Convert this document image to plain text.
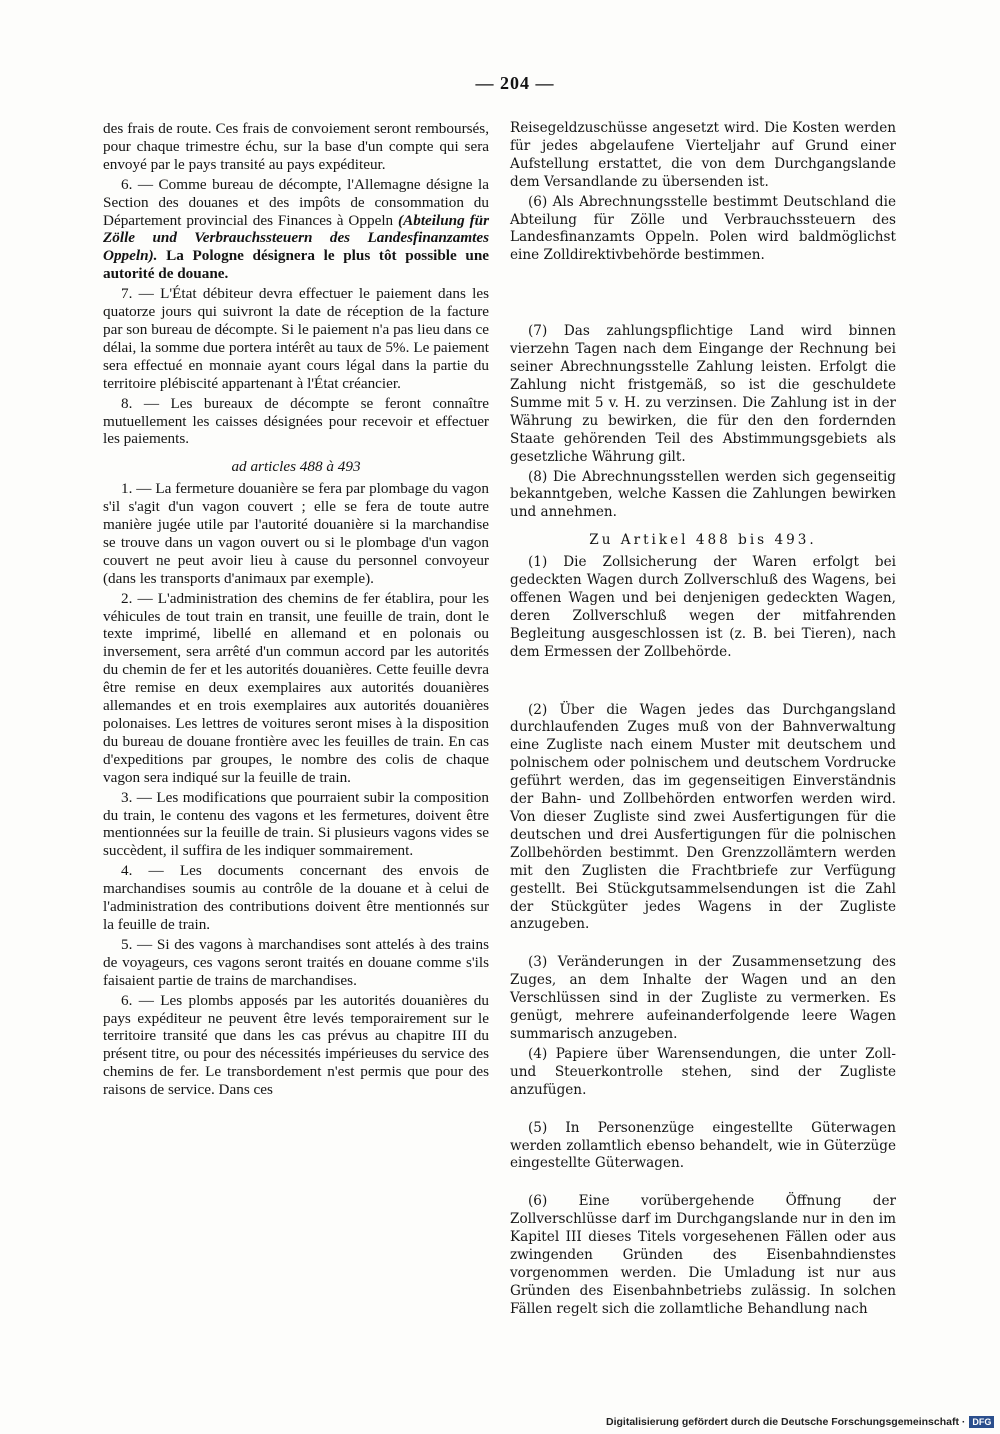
— 204 —

des frais de route. Ces frais de convoiement seront remboursés, pour chaque trimestre échu, sur la base d'un compte qui sera envoyé par le pays transité au pays expéditeur.

6. — Comme bureau de décompte, l'Allemagne désigne la Section des douanes et des impôts de consommation du Département provincial des Finances à Oppeln (Abteilung für Zölle und Verbrauchssteuern des Landesfinanzamtes Oppeln). La Pologne désignera le plus tôt possible une autorité de douane.

7. — L'État débiteur devra effectuer le paiement dans les quatorze jours qui suivront la date de réception de la facture par son bureau de décompte. Si le paiement n'a pas lieu dans ce délai, la somme due portera intérêt au taux de 5%. Le paiement sera effectué en monnaie ayant cours légal dans la partie du territoire plébiscité appartenant à l'État créancier.

8. — Les bureaux de décompte se feront connaître mutuellement les caisses désignées pour recevoir et effectuer les paiements.

ad articles 488 à 493

1. — La fermeture douanière se fera par plombage du vagon s'il s'agit d'un vagon couvert ; elle se fera de toute autre manière jugée utile par l'autorité douanière si la marchandise se trouve dans un vagon ouvert ou si le plombage d'un vagon couvert ne peut avoir lieu à cause du personnel convoyeur (dans les transports d'animaux par exemple).

2. — L'administration des chemins de fer établira, pour les véhicules de tout train en transit, une feuille de train, dont le texte imprimé, libellé en allemand et en polonais ou inversement, sera arrêté d'un commun accord par les autorités du chemin de fer et les autorités douanières. Cette feuille devra être remise en deux exemplaires aux autorités douanières allemandes et en trois exemplaires aux autorités douanières polonaises. Les lettres de voitures seront mises à la disposition du bureau de douane frontière avec les feuilles de train. En cas d'expeditions par groupes, le nombre des colis de chaque vagon sera indiqué sur la feuille de train.

3. — Les modifications que pourraient subir la composition du train, le contenu des vagons et les fermetures, doivent être mentionnées sur la feuille de train. Si plusieurs vagons vides se succèdent, il suffira de les indiquer sommairement.

4. — Les documents concernant des envois de marchandises soumis au contrôle de la douane et à celui de l'administration des contributions doivent être mentionnés sur la feuille de train.

5. — Si des vagons à marchandises sont attelés à des trains de voyageurs, ces vagons seront traités en douane comme s'ils faisaient partie de trains de marchandises.

6. — Les plombs apposés par les autorités douanières du pays expéditeur ne peuvent être levés temporairement sur le territoire transité que dans les cas prévus au chapitre III du présent titre, ou pour des nécessités impérieuses du service des chemins de fer. Le transbordement n'est permis que pour des raisons de service. Dans ces

Reisegeldzuschüsse angesetzt wird. Die Kosten werden für jedes abgelaufene Vierteljahr auf Grund einer Aufstellung erstattet, die von dem Durchgangslande dem Versandlande zu übersenden ist.

(6) Als Abrechnungsstelle bestimmt Deutschland die Abteilung für Zölle und Verbrauchssteuern des Landesfinanzamts Oppeln. Polen wird baldmöglichst eine Zolldirektivbehörde bestimmen.

(7) Das zahlungspflichtige Land wird binnen vierzehn Tagen nach dem Eingange der Rechnung bei seiner Abrechnungsstelle Zahlung leisten. Erfolgt die Zahlung nicht fristgemäß, so ist die geschuldete Summe mit 5 v. H. zu verzinsen. Die Zahlung ist in der Währung zu bewirken, die für den den fordernden Staate gehörenden Teil des Abstimmungsgebiets als gesetzliche Währung gilt.

(8) Die Abrechnungsstellen werden sich gegenseitig bekanntgeben, welche Kassen die Zahlungen bewirken und annehmen.

Zu Artikel 488 bis 493.

(1) Die Zollsicherung der Waren erfolgt bei gedeckten Wagen durch Zollverschluß des Wagens, bei offenen Wagen und bei denjenigen gedeckten Wagen, deren Zollverschluß wegen der mitfahrenden Begleitung ausgeschlossen ist (z. B. bei Tieren), nach dem Ermessen der Zollbehörde.

(2) Über die Wagen jedes das Durchgangsland durchlaufenden Zuges muß von der Bahnverwaltung eine Zugliste nach einem Muster mit deutschem und polnischem oder polnischem und deutschem Vordrucke geführt werden, das im gegenseitigen Einverständnis der Bahn- und Zollbehörden entworfen werden wird. Von dieser Zugliste sind zwei Ausfertigungen für die deutschen und drei Ausfertigungen für die polnischen Zollbehörden bestimmt. Den Grenzzollämtern werden mit den Zuglisten die Frachtbriefe zur Verfügung gestellt. Bei Stückgutsammelsendungen ist die Zahl der Stückgüter jedes Wagens in der Zugliste anzugeben.

(3) Veränderungen in der Zusammensetzung des Zuges, an dem Inhalte der Wagen und an den Verschlüssen sind in der Zugliste zu vermerken. Es genügt, mehrere aufeinanderfolgende leere Wagen summarisch anzugeben.

(4) Papiere über Warensendungen, die unter Zoll- und Steuerkontrolle stehen, sind der Zugliste anzufügen.

(5) In Personenzüge eingestellte Güterwagen werden zollamtlich ebenso behandelt, wie in Güterzüge eingestellte Güterwagen.

(6) Eine vorübergehende Öffnung der Zollverschlüsse darf im Durchgangslande nur in den im Kapitel III dieses Titels vorgesehenen Fällen oder aus zwingenden Gründen des Eisenbahndienstes vorgenommen werden. Die Umladung ist nur aus Gründen des Eisenbahnbetriebs zulässig. In solchen Fällen regelt sich die zollamtliche Behandlung nach

Digitalisierung gefördert durch die Deutsche Forschungsgemeinschaft · DFG
